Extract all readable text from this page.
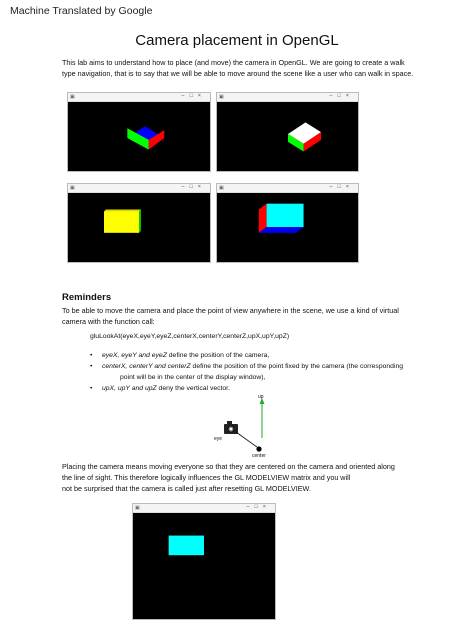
Machine Translated by Google
Camera placement in OpenGL
This lab aims to understand how to place (and move) the camera in OpenGL. We are going to create a walk type navigation, that is to say that we will be able to move around the scene like a user who can walk in space.
▣	–□×	▣	–□×
▣	–□×	▣	–□×
Reminders
To be able to move the camera and place the point of view anywhere in the scene, we use a kind of virtual camera with the function call:
gluLookAt(eyeX,eyeY,eyeZ,centerX,centerY,centerZ,upX,upY,upZ)
• eyeX, eyeY and eyeZ define the position of the camera,
• centerX, centerY and centerZ define the position of the point fixed by the camera (the corresponding
point will be in the center of the display window),
• upX, upY and upZ deny the vertical vector.
up
eye
center
Placing the camera means moving everyone so that they are centered on the camera and oriented along
the line of sight. This therefore logically influences the GL MODELVIEW matrix and you will
not be surprised that the camera is called just after resetting GL MODELVIEW.
▣	–□×
